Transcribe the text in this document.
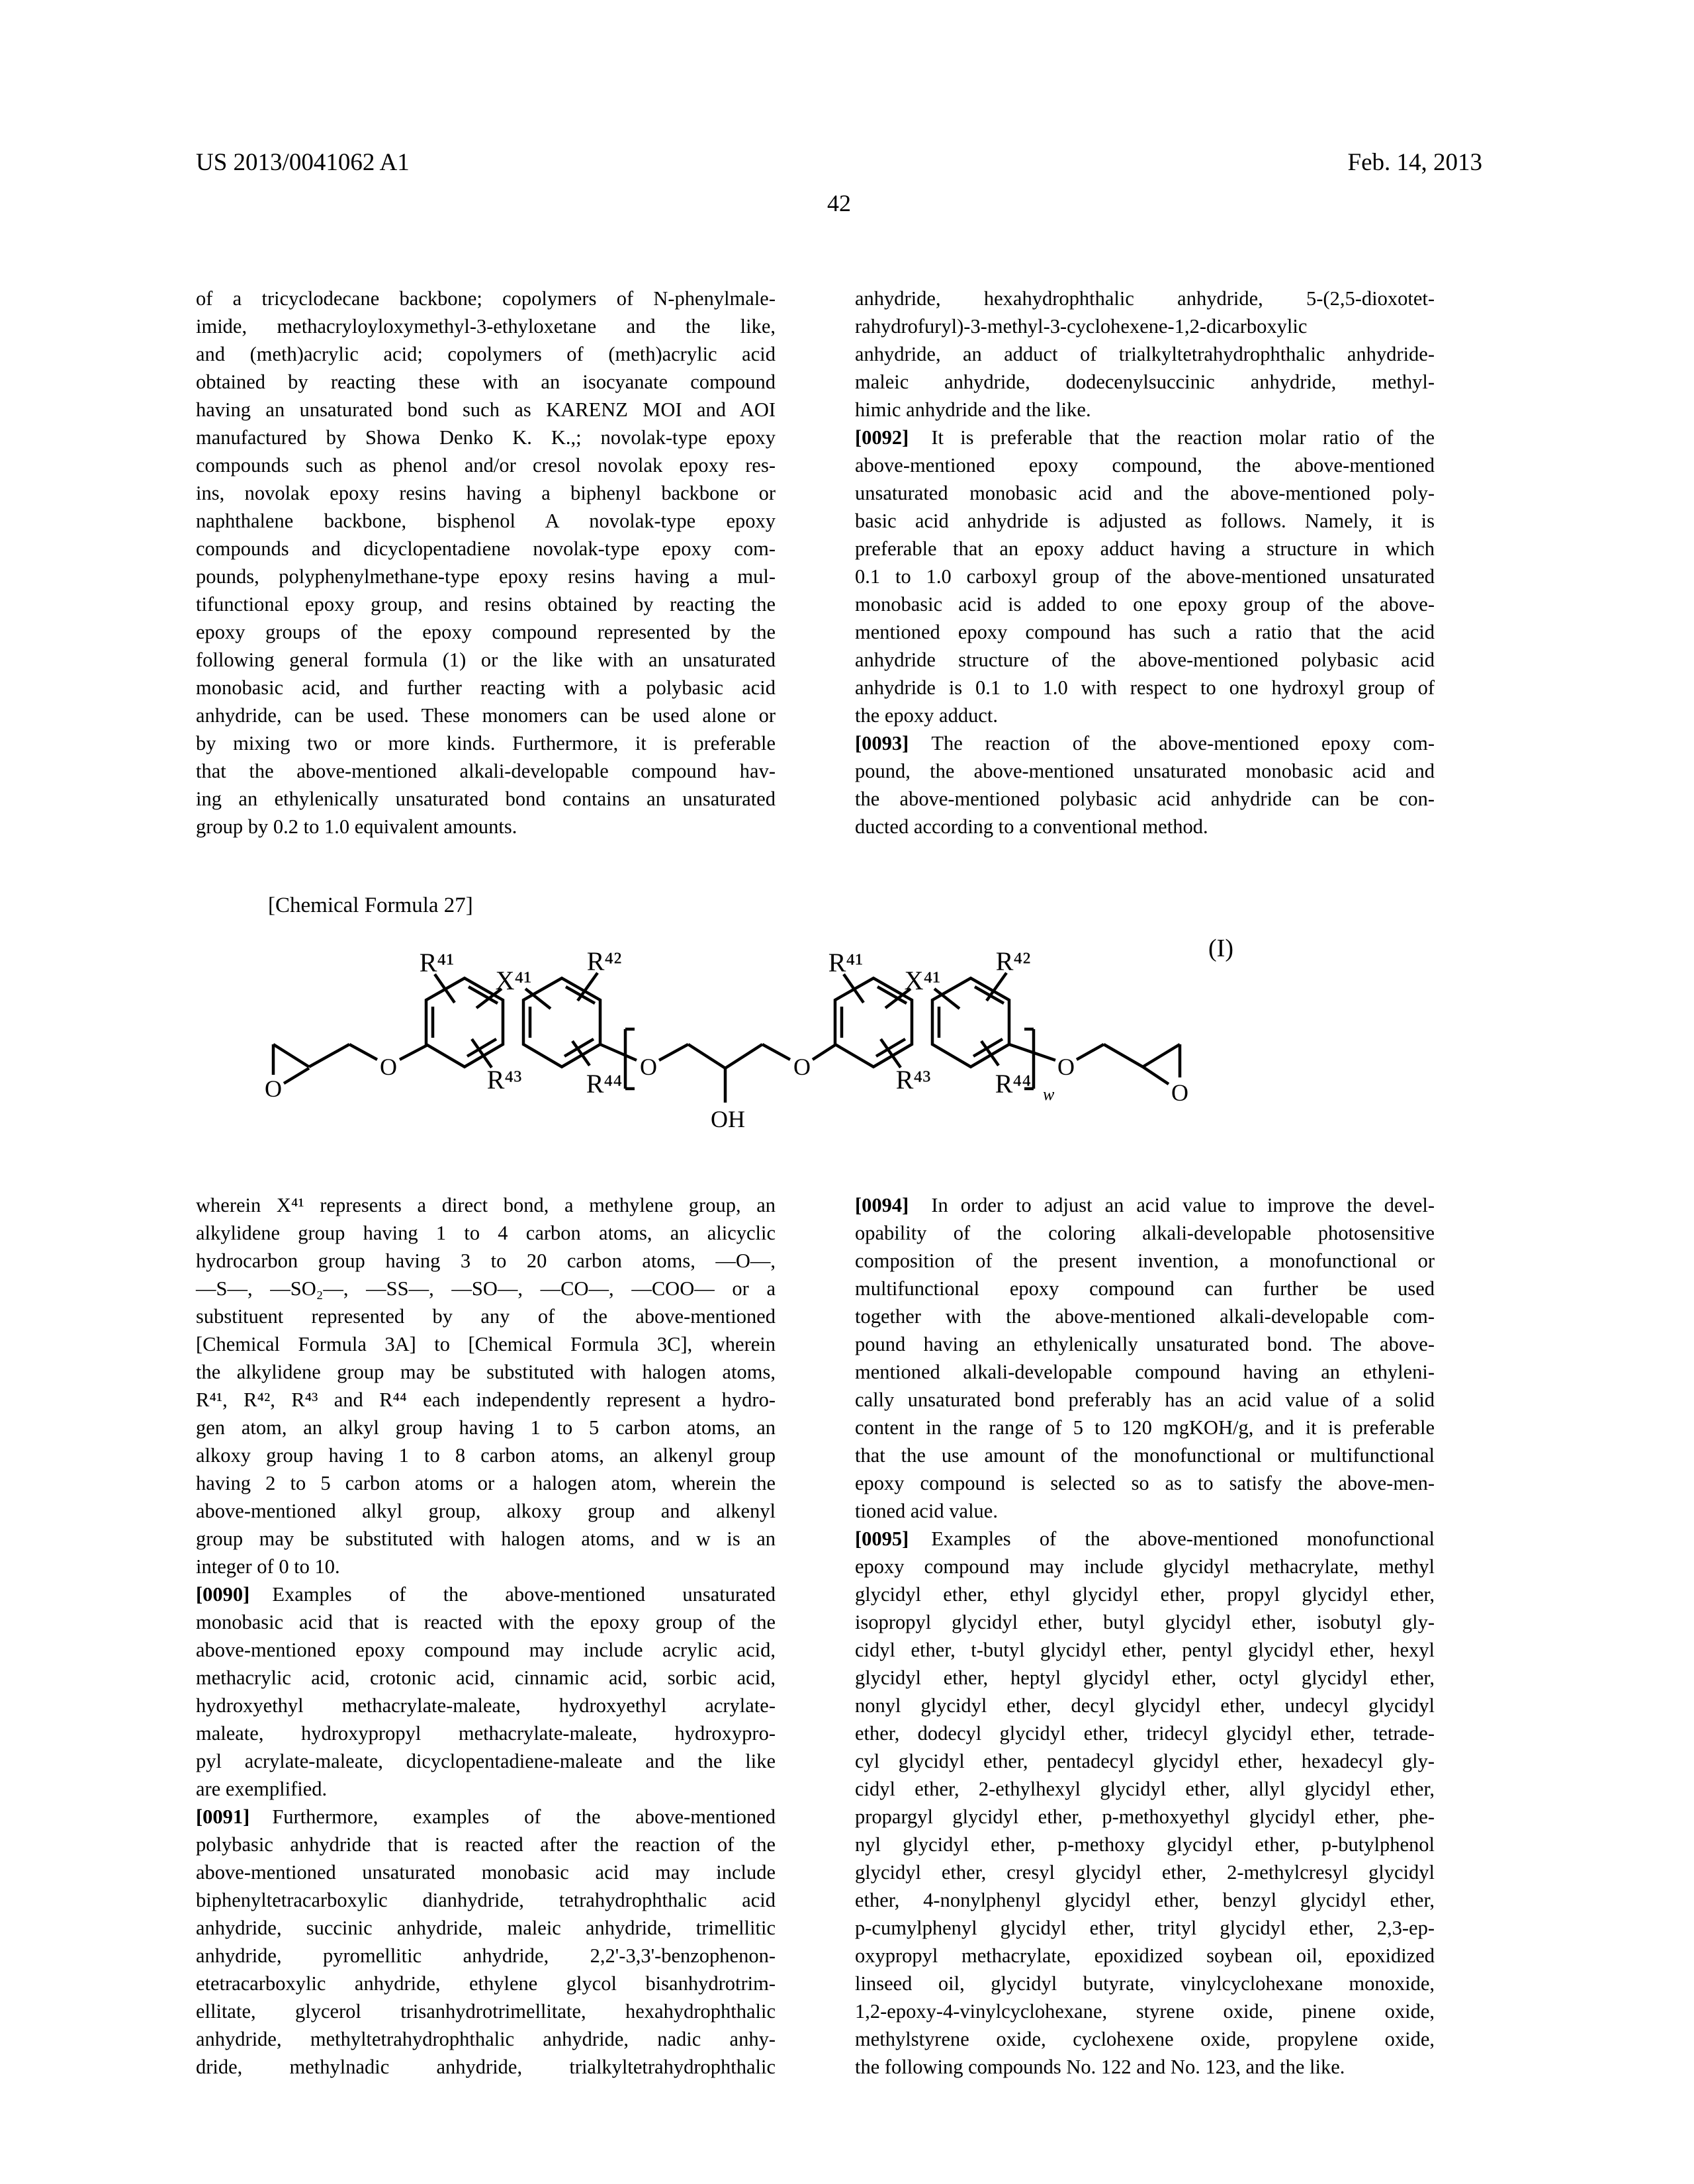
US 2013/0041062 A1	Feb. 14, 2013
42
of a tricyclodecane backbone; copolymers of N-phenylmale-
imide, methacryloyloxymethyl-3-ethyloxetane and the like,
and (meth)acrylic acid; copolymers of (meth)acrylic acid
obtained by reacting these with an isocyanate compound
having an unsaturated bond such as KARENZ MOI and AOI
manufactured by Showa Denko K. K.,; novolak-type epoxy
compounds such as phenol and/or cresol novolak epoxy res-
ins, novolak epoxy resins having a biphenyl backbone or
naphthalene backbone, bisphenol A novolak-type epoxy
compounds and dicyclopentadiene novolak-type epoxy com-
pounds, polyphenylmethane-type epoxy resins having a mul-
tifunctional epoxy group, and resins obtained by reacting the
epoxy groups of the epoxy compound represented by the
following general formula (1) or the like with an unsaturated
monobasic acid, and further reacting with a polybasic acid
anhydride, can be used. These monomers can be used alone or
by mixing two or more kinds. Furthermore, it is preferable
that the above-mentioned alkali-developable compound hav-
ing an ethylenically unsaturated bond contains an unsaturated
group by 0.2 to 1.0 equivalent amounts.
anhydride, hexahydrophthalic anhydride, 5-(2,5-dioxotet-
rahydrofuryl)-3-methyl-3-cyclohexene-1,2-dicarboxylic
anhydride, an adduct of trialkyltetrahydrophthalic anhydride-
maleic anhydride, dodecenylsuccinic anhydride, methyl-
himic anhydride and the like.
[0092] It is preferable that the reaction molar ratio of the
above-mentioned epoxy compound, the above-mentioned
unsaturated monobasic acid and the above-mentioned poly-
basic acid anhydride is adjusted as follows. Namely, it is
preferable that an epoxy adduct having a structure in which
0.1 to 1.0 carboxyl group of the above-mentioned unsaturated
monobasic acid is added to one epoxy group of the above-
mentioned epoxy compound has such a ratio that the acid
anhydride structure of the above-mentioned polybasic acid
anhydride is 0.1 to 1.0 with respect to one hydroxyl group of
the epoxy adduct.
[0093] The reaction of the above-mentioned epoxy com-
pound, the above-mentioned unsaturated monobasic acid and
the above-mentioned polybasic acid anhydride can be con-
ducted according to a conventional method.
wherein X⁴¹ represents a direct bond, a methylene group, an
alkylidene group having 1 to 4 carbon atoms, an alicyclic
hydrocarbon group having 3 to 20 carbon atoms, —O—,
—S—, —SO₂—, —SS—, —SO—, —CO—, —COO— or a
substituent represented by any of the above-mentioned
[Chemical Formula 3A] to [Chemical Formula 3C], wherein
the alkylidene group may be substituted with halogen atoms,
R⁴¹, R⁴², R⁴³ and R⁴⁴ each independently represent a hydro-
gen atom, an alkyl group having 1 to 5 carbon atoms, an
alkoxy group having 1 to 8 carbon atoms, an alkenyl group
having 2 to 5 carbon atoms or a halogen atom, wherein the
above-mentioned alkyl group, alkoxy group and alkenyl
group may be substituted with halogen atoms, and w is an
integer of 0 to 10.
[0090] Examples of the above-mentioned unsaturated
monobasic acid that is reacted with the epoxy group of the
above-mentioned epoxy compound may include acrylic acid,
methacrylic acid, crotonic acid, cinnamic acid, sorbic acid,
hydroxyethyl methacrylate-maleate, hydroxyethyl acrylate-
maleate, hydroxypropyl methacrylate-maleate, hydroxypro-
pyl acrylate-maleate, dicyclopentadiene-maleate and the like
are exemplified.
[0091] Furthermore, examples of the above-mentioned
polybasic anhydride that is reacted after the reaction of the
above-mentioned unsaturated monobasic acid may include
biphenyltetracarboxylic dianhydride, tetrahydrophthalic acid
anhydride, succinic anhydride, maleic anhydride, trimellitic
anhydride, pyromellitic anhydride, 2,2'-3,3'-benzophenon-
etetracarboxylic anhydride, ethylene glycol bisanhydrotrim-
ellitate, glycerol trisanhydrotrimellitate, hexahydrophthalic
anhydride, methyltetrahydrophthalic anhydride, nadic anhy-
dride, methylnadic anhydride, trialkyltetrahydrophthalic
[0094] In order to adjust an acid value to improve the devel-
opability of the coloring alkali-developable photosensitive
composition of the present invention, a monofunctional or
multifunctional epoxy compound can further be used
together with the above-mentioned alkali-developable com-
pound having an ethylenically unsaturated bond. The above-
mentioned alkali-developable compound having an ethyleni-
cally unsaturated bond preferably has an acid value of a solid
content in the range of 5 to 120 mgKOH/g, and it is preferable
that the use amount of the monofunctional or multifunctional
epoxy compound is selected so as to satisfy the above-men-
tioned acid value.
[0095] Examples of the above-mentioned monofunctional
epoxy compound may include glycidyl methacrylate, methyl
glycidyl ether, ethyl glycidyl ether, propyl glycidyl ether,
isopropyl glycidyl ether, butyl glycidyl ether, isobutyl gly-
cidyl ether, t-butyl glycidyl ether, pentyl glycidyl ether, hexyl
glycidyl ether, heptyl glycidyl ether, octyl glycidyl ether,
nonyl glycidyl ether, decyl glycidyl ether, undecyl glycidyl
ether, dodecyl glycidyl ether, tridecyl glycidyl ether, tetrade-
cyl glycidyl ether, pentadecyl glycidyl ether, hexadecyl gly-
cidyl ether, 2-ethylhexyl glycidyl ether, allyl glycidyl ether,
propargyl glycidyl ether, p-methoxyethyl glycidyl ether, phe-
nyl glycidyl ether, p-methoxy glycidyl ether, p-butylphenol
glycidyl ether, cresyl glycidyl ether, 2-methylcresyl glycidyl
ether, 4-nonylphenyl glycidyl ether, benzyl glycidyl ether,
p-cumylphenyl glycidyl ether, trityl glycidyl ether, 2,3-ep-
oxypropyl methacrylate, epoxidized soybean oil, epoxidized
linseed oil, glycidyl butyrate, vinylcyclohexane monoxide,
1,2-epoxy-4-vinylcyclohexane, styrene oxide, pinene oxide,
methylstyrene oxide, cyclohexene oxide, propylene oxide,
the following compounds No. 122 and No. 123, and the like.
[Chemical Formula 27]
O
O
R⁴¹
R⁴³
X⁴¹
R⁴²
R⁴⁴
O
OH
O
R⁴¹
R⁴³
X⁴¹
R⁴²
R⁴⁴ w
O
O
(I)
